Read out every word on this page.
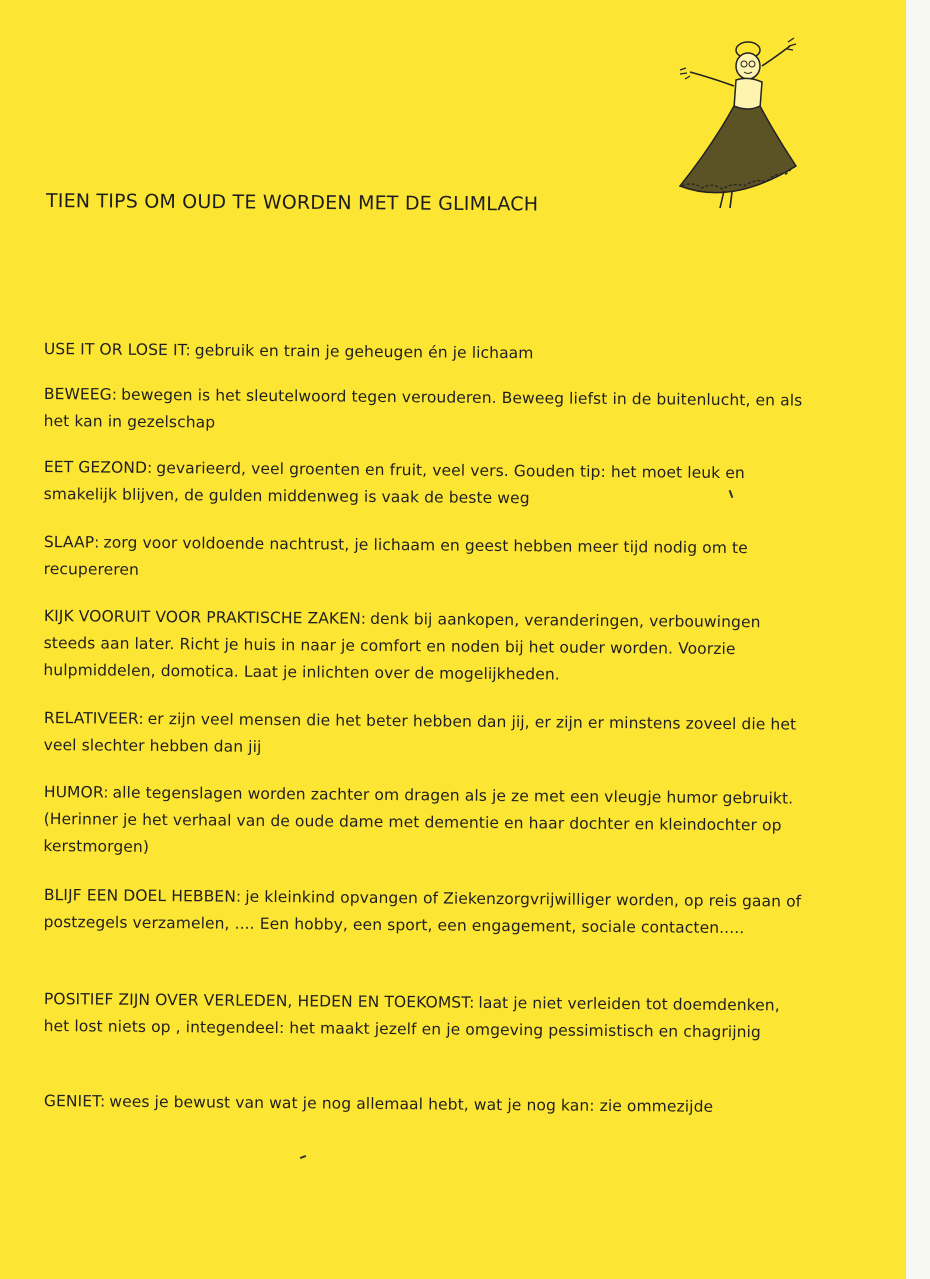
TIEN TIPS OM OUD TE WORDEN MET DE GLIMLACH
USE IT OR LOSE IT: gebruik en train je geheugen én je lichaam
BEWEEG: bewegen is het sleutelwoord tegen verouderen. Beweeg liefst in de buitenlucht, en als het kan in gezelschap
EET GEZOND: gevarieerd, veel groenten en fruit, veel vers. Gouden tip: het moet leuk en smakelijk blijven, de gulden middenweg is vaak de beste weg
SLAAP: zorg voor voldoende nachtrust, je lichaam en geest hebben meer tijd nodig om te recupereren
KIJK VOORUIT VOOR PRAKTISCHE ZAKEN: denk bij aankopen, veranderingen, verbouwingen steeds aan later. Richt je huis in naar je comfort en noden bij het ouder worden. Voorzie hulpmiddelen, domotica. Laat je inlichten over de mogelijkheden.
RELATIVEER: er zijn veel mensen die het beter hebben dan jij, er zijn er minstens zoveel die het veel slechter hebben dan jij
HUMOR: alle tegenslagen worden zachter om dragen als je ze met een vleugje humor gebruikt. (Herinner je het verhaal van de oude dame met dementie en haar dochter en kleindochter op kerstmorgen)
BLIJF EEN DOEL HEBBEN: je kleinkind opvangen of Ziekenzorgvrijwilliger worden, op reis gaan of postzegels verzamelen, .... Een hobby, een sport, een engagement, sociale contacten.....
POSITIEF ZIJN OVER VERLEDEN, HEDEN EN TOEKOMST: laat je niet verleiden tot doemdenken, het lost niets op , integendeel: het maakt jezelf en je omgeving pessimistisch en chagrijnig
GENIET: wees je bewust van wat je nog allemaal hebt, wat je nog kan: zie ommezijde
